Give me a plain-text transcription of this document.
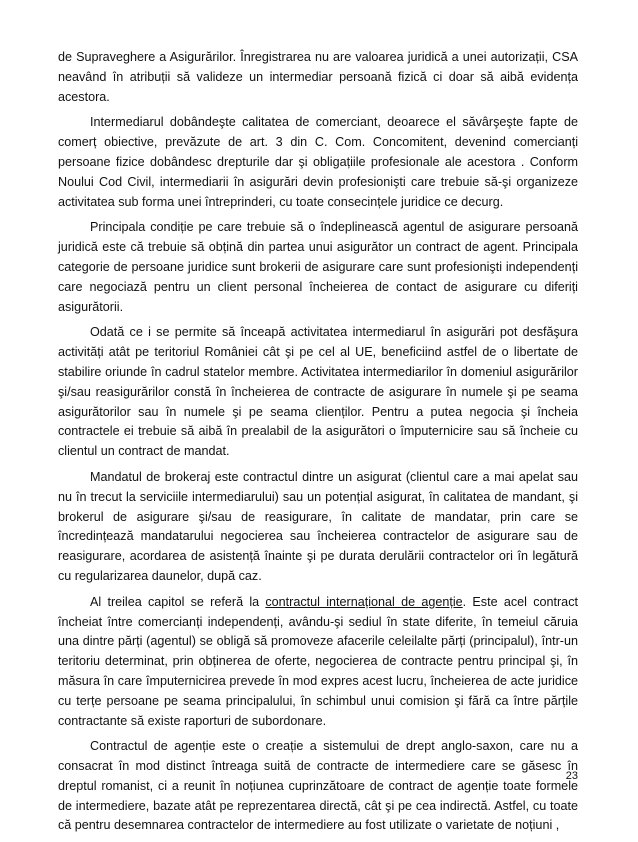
de Supraveghere a Asigurărilor. Înregistrarea nu are valoarea juridică a unei autorizații, CSA neavând în atribuții să valideze un intermediar persoană fizică ci doar să aibă evidența acestora.

Intermediarul dobândeşte calitatea de comerciant, deoarece el săvârşeşte fapte de comerț obiective, prevăzute de art. 3 din C. Com. Concomitent, devenind comercianți persoane fizice dobândesc drepturile dar şi obligațiile profesionale ale acestora . Conform Noului Cod Civil, intermediarii în asigurări devin profesionişti care trebuie să-şi organizeze activitatea sub forma unei întreprinderi, cu toate consecințele juridice ce decurg.

Principala condiție pe care trebuie să o îndeplinească agentul de asigurare persoană juridică este că trebuie să obțină din partea unui asigurător un contract de agent. Principala categorie de persoane juridice sunt brokerii de asigurare care sunt profesionişti independenți care negociază pentru un client personal încheierea de contact de asigurare cu diferiți asigurătorii.

Odată ce i se permite să înceapă activitatea intermediarul în asigurări pot desfăşura activități atât pe teritoriul României cât şi pe cel al UE, beneficiind astfel de o libertate de stabilire oriunde în cadrul statelor membre. Activitatea intermediarilor în domeniul asigurărilor şi/sau reasigurărilor constă în încheierea de contracte de asigurare în numele şi pe seama asigurătorilor sau în numele şi pe seama clienților. Pentru a putea negocia şi încheia contractele ei trebuie să aibă în prealabil de la asigurători o împuternicire sau să încheie cu clientul un contract de mandat.

Mandatul de brokeraj este contractul dintre un asigurat (clientul care a mai apelat sau nu în trecut la serviciile intermediarului) sau un potențial asigurat, în calitatea de mandant, şi brokerul de asigurare şi/sau de reasigurare, în calitate de mandatar, prin care se încredințează mandatarului negocierea sau încheierea contractelor de asigurare sau de reasigurare, acordarea de asistență înainte şi pe durata derulării contractelor ori în legătură cu regularizarea daunelor, după caz.

Al treilea capitol se referă la contractul internațional de agenție. Este acel contract încheiat între comercianți independenți, avându-şi sediul în state diferite, în temeiul căruia una dintre părți (agentul) se obligă să promoveze afacerile celeilalte părți (principalul), într-un teritoriu determinat, prin obținerea de oferte, negocierea de contracte pentru principal şi, în măsura în care împuternicirea prevede în mod expres acest lucru, încheierea de acte juridice cu terțe persoane pe seama principalului, în schimbul unui comision şi fără ca între părțile contractante să existe raporturi de subordonare.

Contractul de agenție este o creație a sistemului de drept anglo-saxon, care nu a consacrat în mod distinct întreaga suită de contracte de intermediere care se găsesc în dreptul romanist, ci a reunit în noțiunea cuprinzătoare de contract de agenție toate formele de intermediere, bazate atât pe reprezentarea directă, cât şi pe cea indirectă. Astfel, cu toate că pentru desemnarea contractelor de intermediere au fost utilizate o varietate de noțiuni ,

23
